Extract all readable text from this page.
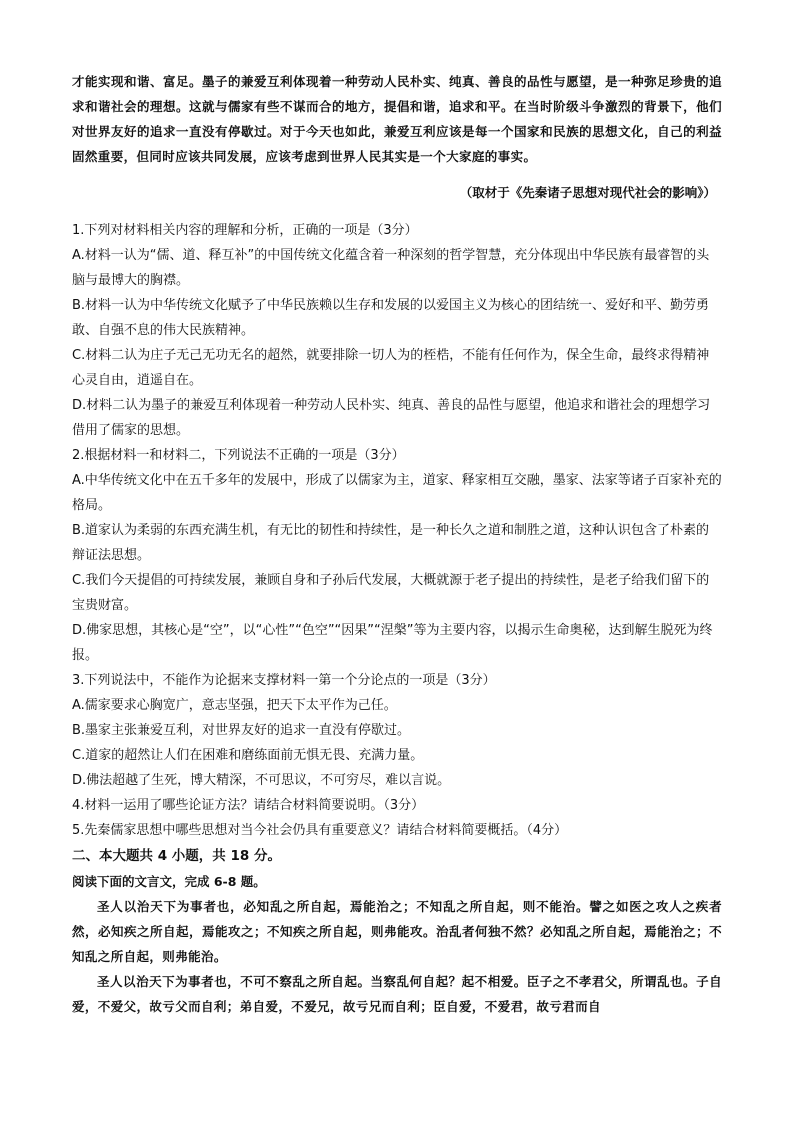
才能实现和谐、富足。墨子的兼爱互利体现着一种劳动人民朴实、纯真、善良的品性与愿望，是一种弥足珍贵的追求和谐社会的理想。这就与儒家有些不谋而合的地方，提倡和谐，追求和平。在当时阶级斗争激烈的背景下，他们对世界友好的追求一直没有停歇过。对于今天也如此，兼爱互利应该是每一个国家和民族的思想文化，自己的利益固然重要，但同时应该共同发展，应该考虑到世界人民其实是一个大家庭的事实。

（取材于《先秦诸子思想对现代社会的影响》）

1.下列对材料相关内容的理解和分析，正确的一项是（3分）

A.材料一认为“儒、道、释互补”的中国传统文化蕴含着一种深刻的哲学智慧，充分体现出中华民族有最睿智的头脑与最博大的胸襟。

B.材料一认为中华传统文化赋予了中华民族赖以生存和发展的以爱国主义为核心的团结统一、爱好和平、勤劳勇敢、自强不息的伟大民族精神。

C.材料二认为庄子无己无功无名的超然，就要排除一切人为的桎梏，不能有任何作为，保全生命，最终求得精神心灵自由，逍遥自在。

D.材料二认为墨子的兼爱互利体现着一种劳动人民朴实、纯真、善良的品性与愿望，他追求和谐社会的理想学习借用了儒家的思想。

2.根据材料一和材料二，下列说法不正确的一项是（3分）

A.中华传统文化中在五千多年的发展中，形成了以儒家为主，道家、释家相互交融，墨家、法家等诸子百家补充的格局。

B.道家认为柔弱的东西充满生机，有无比的韧性和持续性，是一种长久之道和制胜之道，这种认识包含了朴素的辩证法思想。

C.我们今天提倡的可持续发展，兼顾自身和子孙后代发展，大概就源于老子提出的持续性，是老子给我们留下的宝贵财富。

D.佛家思想，其核心是“空”，以“心性”“色空”“因果”“涅槃”等为主要内容，以揭示生命奥秘，达到解生脱死为终报。

3.下列说法中，不能作为论据来支撑材料一第一个分论点的一项是（3分）

A.儒家要求心胸宽广，意志坚强，把天下太平作为己任。

B.墨家主张兼爱互利，对世界友好的追求一直没有停歇过。

C.道家的超然让人们在困难和磨练面前无惧无畏、充满力量。

D.佛法超越了生死，博大精深，不可思议，不可穷尽，难以言说。

4.材料一运用了哪些论证方法？请结合材料简要说明。（3分）

5.先秦儒家思想中哪些思想对当今社会仍具有重要意义？请结合材料简要概括。（4分）

二、本大题共 4 小题，共 18 分。
阅读下面的文言文，完成 6-8 题。

圣人以治天下为事者也，必知乱之所自起，焉能治之；不知乱之所自起，则不能治。譬之如医之攻人之疾者然，必知疾之所自起，焉能攻之；不知疾之所自起，则弗能攻。治乱者何独不然？必知乱之所自起，焉能治之；不知乱之所自起，则弗能治。

圣人以治天下为事者也，不可不察乱之所自起。当察乱何自起？起不相爱。臣子之不孝君父，所谓乱也。子自爱，不爱父，故亏父而自利；弟自爱，不爱兄，故亏兄而自利；臣自爱，不爱君，故亏君而自
